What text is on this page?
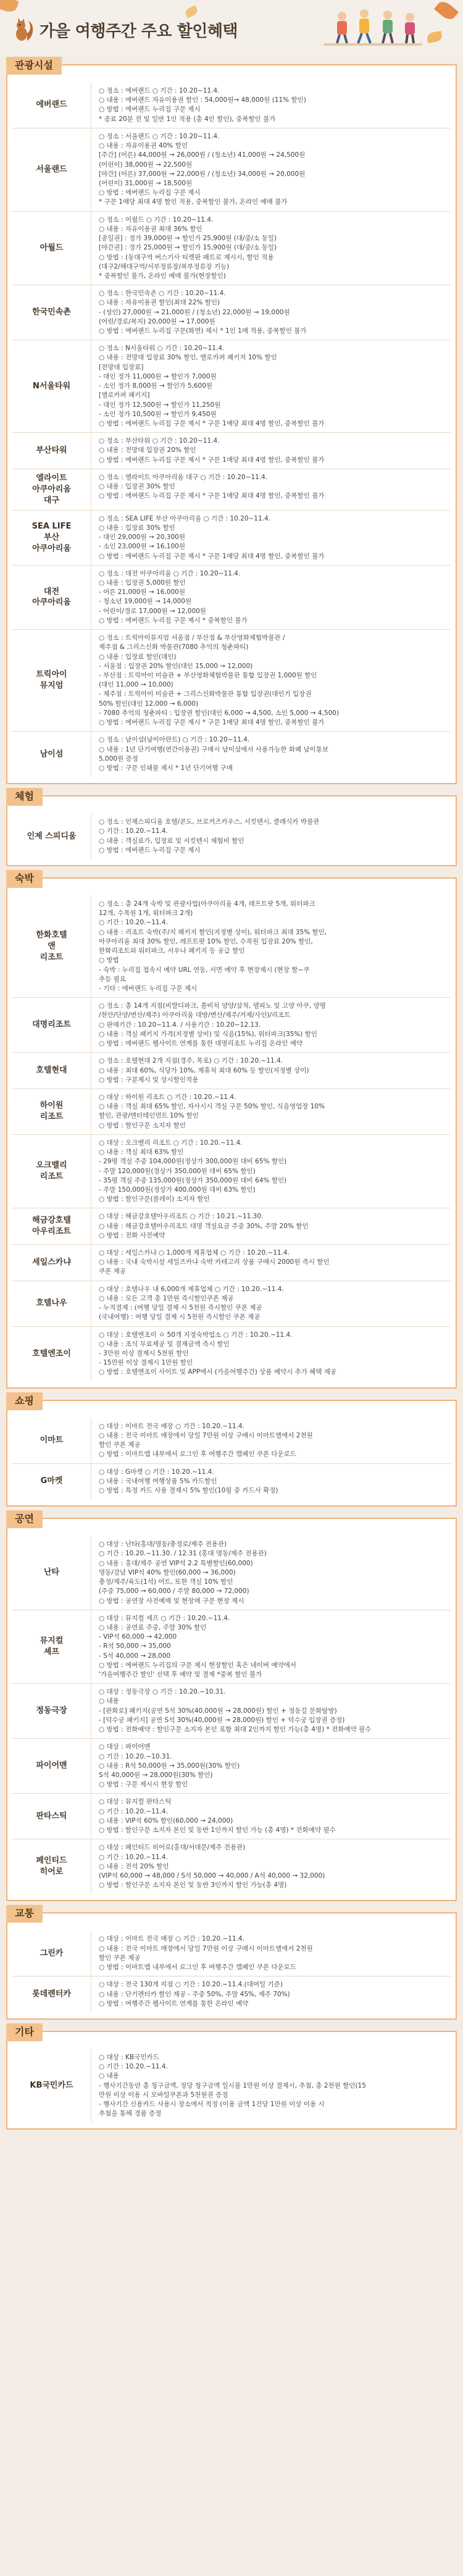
가을 여행주간 주요 할인혜택
관광시설
에버랜드
○ 정소 : 에버랜드 ○ 기간 : 10.20~11.4.
○ 내용 : 에버랜드 자유이용권 할인 : 54,000원→ 48,000원 (11% 할인)
○ 방법 : 에버랜드 누리집 구문 제시
* 종료 20분 전 및 일반 1인 적용 (총 4인 할인), 중복할인 불가
서울랜드
○ 정소 : 서울랜드 ○ 기간 : 10.20~11.4.
○ 내용 : 자유이용권 40% 할인
[주간] (어른) 44,000원 → 26,000원 / (청소년) 41,000원 → 24,500원
(어린이) 38,000원 → 22,500원
[야간] (어른) 37,000원 → 22,000원 / (청소년) 34,000원 → 20,000원
(어린이) 31,000원 → 18,500원
○ 방법 : 에버랜드 누리집 구문 제시
* 구문 1매당 최대 4명 할인 적용, 중복할인 불가, 온라인 예매 불가
아월드
○ 정소 : 이월드 ○ 기간 : 10.20~11.4.
○ 내용 : 자유이용권 최대 36% 할인
[종일권] : 정가 39,000원 → 할인가 25,900원 (대/중/소 동일)
[야간권] : 정가 25,000원 → 할인가 15,900원 (대/중/소 동일)
○ 방법 : (동대구역 버스기사 티켓판 패트로 제시시, 할인 적용
(대구2/해대구역/서부정류장/북부정류장 기능)
* 중복할인 불가, 온라인 예매 불가(현장할인)
한국민속촌
○ 정소 : 한국민속촌 ○ 기간 : 10.20~11.4.
○ 내용 : 자유이용권 할인(최대 22% 할인)
- (성인) 27,000원 → 21,000원 / (청소년) 22,000원 → 19,000원
(어린/경로/복지) 20,000원 → 17,000원
○ 방법 : 에버랜드 누리집 구문(화면) 제시 * 1인 1매 적용, 중복할인 불가
N서울타워
○ 정소 : N서울타워 ○ 기간 : 10.20~11.4.
○ 내용 : 전망대 입장료 30% 할인, 엘로카퍼 패키지 10% 할인
[전망대 입장료]
- 대인 정가 11,000원 → 할인가 7,000원
- 소인 정가 8,000원 → 할인가 5,600원
[엘로카퍼 패키지]
- 대인 정가 12,500원 → 할인가 11,250원
- 소인 정가 10,500원 → 할인가 9,450원
○ 방법 : 에버랜드 누리집 구문 제시 * 구문 1매당 최대 4명 할인, 중복할인 불가
부산타워
○ 정소 : 부산타워 ○ 기간 : 10.20~11.4.
○ 내용 : 전망대 입장권 20% 할인
○ 방법 : 에버랜드 누리집 구문 제시 * 구문 1매당 최대 4명 할인, 중복할인 불가
엘라이트
아쿠아리움
대구
○ 정소 : 엘라이트 아쿠아리움 대구 ○ 기간 : 10.20~11.4.
○ 내용 : 입장권 30% 할인
○ 방법 : 에버랜드 누리집 구문 제시 * 구문 1매당 최대 4명 할인, 중복할인 불가
SEA LIFE
부산
아쿠아리움
○ 정소 : SEA LIFE 부산 아쿠아리움 ○ 기간 : 10.20~11.4.
○ 내용 : 입장료 30% 할인
- 대인 29,000원 → 20,300원
- 소인 23,000원 → 16,100원
○ 방법 : 에버랜드 누리집 구문 제시 * 구문 1매당 최대 4명 할인, 중복할인 불가
대전
아쿠아리움
○ 정소 : 대전 아쿠아리움 ○ 기간 : 10.20~11.4.
○ 내용 : 입장권 5,000원 할인
- 어른 21,000원 → 16,000원
- 청소년 19,000원 → 14,000원
- 어린이/경로 17,000원 → 12,000원
○ 방법 : 에버랜드 누리집 구문 제시 * 중복할인 불가
트릭아이
뮤지엄
○ 정소 : 트릭아이뮤지엄 서울점 / 부산점 & 부산영화체험박물관 /
제주점 & 그리스신화 박물관(7080 추억의 청춘파티)
○ 내용 : 입장료 할인(대인)
- 서울점 : 입장권 20% 할인(대인 15,000 → 12,000)
- 부산점 : 트릭아이 미술관 + 부산영화체험박물관 통합 입장권 1,000원 할인
(대인 11,000 → 10,000)
- 제주점 : 트릭아이 미술관 + 그리스신화박물관 통합 입장권(대인기 입장권
50% 할인(대인 12,000 → 6,000)
- 7080 추억의 청춘파티 : 입장권 할인(대인 6,000 → 4,500, 소인 5,000 → 4,500)
○ 방법 : 에버랜드 누리집 구문 제시 * 구문 1매당 최대 4명 할인, 중복할인 불가
남이섬
○ 정소 : 남이섬(남이아란트) ○ 기간 : 10.20~11.4.
○ 내용 : 1년 단기여행(연간이용권) 구매시 남이섬에서 사용가능한 화폐 남이통보
5,000원 증정
○ 방법 : 구문 인쇄물 제시 * 1년 단기여행 구매
체험
인제 스피디움
○ 정소 : 인제스피디움 호텔/콘도, 브로커즈카우스, 서킷텐시, 클래식카 박물관
○ 기간 : 10.20.~11.4.
○ 내용 : 객실료가, 입장료 및 서킷텐시 체험비 할인
○ 방법 : 에버랜드 누리집 구문 제시
숙박
한화호텔
앤
리조트
○ 정소 : 총 24개 숙박 및 관광사업(아쿠아리움 4개, 래프트팟 5개, 워터파크
12개, 수목원 1개, 워터파크 2개)
○ 기간 : 10.20.~11.4.
○ 내용 : 리조트 숙박(주/지 패키지 할인(지정별 상이), 워터파크 최대 35% 할인,
아쿠아리움 최대 30% 할인, 레프트팟 10% 할인, 수목원 입장료 20% 할인,
한화리조트와 워터파크, 서우나 패키지 등 공급 할인
○ 방법
- 숙박 : 누리집 접속시 예약 URL 연동, 서면 예약 후 현장제시 (현장 할~쿠
추등 필요
- 기타 : 에버랜드 누리집 구문 제시
대명리조트
○ 정소 : 총 14개 지점(비발디파크, 쏠비치 양양/삼척, 델피노 및 고양 아쿠, 양평
/천안/단양/변산/제주) 아쿠아리움 대방/변산/제주/거제/사인)/리조트
○ 판매기간 : 10.20~11.4. / 사용기간 : 10.20~12.13.
○ 내용 : 객실 패키지 가격(지정별 상이) 및 식음(15%), 워터파크(35%) 할인
○ 방법 : 에버랜드 웹사이트 연계를 통한 대명리조트 누리집 온라인 예약
호텔현대
○ 정소 : 호텔현대 2개 지점(경주, 목포) ○ 기간 : 10.20.~11.4.
○ 내용 : 최대 60%, 식당가 10%, 제휴처 최대 60% 등 할인(지정별 상이)
○ 방법 : 구분제시 및 상시할인적용
하이원
리조트
○ 대상 : 하이원 리조트 ○ 기간 : 10.20.~11.4.
○ 내용 : 객실 최대 65% 할인, 자사시시 객실 구문 50% 할인, 식음영업장 10%
할인, 관광/엔터테인먼트 10% 할인
○ 방법 : 할인구문 소지자 할인
오크밸리
리조트
○ 대상 : 오크밸리 리조트 ○ 기간 : 10.20.~11.4.
○ 내용 : 객실 최대 63% 할인
- 29평 객실 주중 104,000원(정상가 300,000원 대비 65% 할인)
- 주말 120,000원(정상가 350,000원 대비 65% 할인)
- 35평 객실 주중 135,000원(정상가 350,000원 대비 64% 할인)
- 주말 150,000원(정상가 400,000원 대비 63% 할인)
○ 방법 : 할인구문(플레이) 소지자 할인
해금강호텔
아우리조트
○ 대상 : 해금강호텔아우리조트 ○ 기간 : 10.21.~11.30.
○ 내용 : 해금강호텔아우리조트 대명 객실요금 주중 30%, 주말 20% 할인
○ 방법 : 전화 사전예약
세일스카냐
○ 대상 : 세일스카냐 ○ 1,000개 제휴업체 ○ 기간 : 10.20.~11.4.
○ 내용 : 국내 숙박시설 세일즈카냐 숙박 카테고리 상품 구매시 2000원 즉시 할인
쿠폰 제공
호텔나우
○ 대상 : 호텔나우 내 6,000개 제휴업체 ○ 기간 : 10.20.~11.4.
○ 내용 : 모든 고객 총 1만원 즉시할인쿠폰 제공
- 누적결제 : (여행 당일 결제 시 5천원 즉시할인 쿠폰 제공
(국내여행) : 여행 당일 결제 시 5천원 즉시할인 쿠폰 제공
호텔엔조이
○ 대상 : 호텔엔조이 ㅇ 50개 지정숙박업소 ○ 기간 : 10.20.~11.4.
○ 내용 : 조식 무료제공 및 결제금액 즉시 할인
- 3만원 이상 결제시 5천원 할인
- 15만원 이상 결제시 1만원 할인
○ 방법 : 호텔엔조이 사이트 및 APP에서 (가을여행주간) 상품 예약시 추가 혜택 제공
쇼핑
이마트
○ 대상 : 이마트 전국 매장 ○ 기간 : 10.20.~11.4.
○ 내용 : 전국 이마트 매장에서 당일 7만원 이상 구매시 이마트엘에서 2천원
할인 쿠폰 제공
○ 방법 : 이마트앱 내부에서 로그인 후 여행주간 캠페인 쿠폰 다운로드
G마켓
○ 대상 : G마켓 ○ 기간 : 10.20.~11.4.
○ 내용 : 국내여행 여행상품 5% 카드할인
○ 방법 : 특정 카드 사용 결제시 5% 할인(10월 중 카드사 확정)
공연
난타
○ 대상 : 난타(홍대/명동/충정로/제주 전용관)
○ 기간 : 10.20.~11.30. / 12.31 (홍대 명동/제주 전용관)
○ 내용 : 홍대/제주 공연 VIP석 2.2 특별할인(60,000)
명동/강남 VIP석 40% 할인(60,000 → 36,000)
충정/제주/육도(1석) 어트, 또한 객실 10% 할인
(주중 75,000 → 60,000 / 주말 80,000 → 72,000)
○ 방법 : 공연장 사전예매 및 현장매 구문 현장 제시
뮤지컬
셰프
○ 대상 : 뮤지컬 셰프 ○ 기간 : 10.20.~11.4.
○ 내용 : 공연료 주중, 주말 30% 할인
- VIP석 60,000 → 42,000
- R석 50,000 → 35,000
- S석 40,000 → 28,000
○ 방법 : 에버랜드 누리집의 구문 제시 현장할인 혹은 네이버 예약에서
'가을여행주간 할인' 선택 후 예약 및 결제 *중복 할인 불가
정동극장
○ 대상 : 정동극장 ○ 기간 : 10.20.~10.31.
○ 내용
- [판화로] 패키지(공연 S석 30%(40,000원 → 28,000원) 할인 + 정동길 문화탐방)
- [덕수궁 패키지] 공연 S석 30%(40,000원 → 28,000원) 할인 + 덕수궁 입장권 증정)
○ 방법 : 전화예약 : 할인구문 소지자 본인 포함 최대 2인까지 할인 가능(총 4명) * 전화예약 필수
파이어맨
○ 대상 : 파이어맨
○ 기간 : 10.20.~10.31.
○ 내용 : R석 50,000원 → 35,000원(30% 할인)
S석 40,000원 → 28,000원(30% 할인)
○ 방법 : 구문 제시시 현장 할인
판타스틱
○ 대상 : 뮤지컬 판타스틱
○ 기간 : 10.20.~11.4.
○ 내용 : VIP석 60% 할인(60,000 → 24,000)
○ 방법 : 할인구문 소지자 본인 및 동반 1인까지 할인 가능 (총 4명) * 전화예약 필수
페인티드
히어로
○ 대상 : 페인티드 히어로(홍대/서대문/제주 전용관)
○ 기간 : 10.20.~11.4.
○ 내용 : 전석 20% 할인
(VIP석 60,000 → 48,000 / S석 50,000 → 40,000 / A석 40,000 → 32,000)
○ 방법 : 할인구문 소지자 본인 및 동반 3인까지 할인 가능(총 4명)
교통
그린카
○ 대상 : 이마트 전국 매장 ○ 기간 : 10.20.~11.4.
○ 내용 : 전국 이마트 매장에서 당일 7만원 이상 구매시 이마트엘에서 2천원
할인 쿠폰 제공
○ 방법 : 이마트앱 내부에서 로그인 후 여행주간 캠페인 쿠폰 다운로드
롯데렌터카
○ 대상 : 전국 130개 지점 ○ 기간 : 10.20.~11.4.(대여일 기준)
○ 내용 : 단기렌터카 할인 제공 - 주중 50%, 주말 45%, 제주 70%)
○ 방법 : 여행주간 웹사이트 연계를 통한 온라인 예약
기타
KB국민카드
○ 대상 : KB국민카드
○ 기간 : 10.20.~11.4.
○ 내용
- 행사기간동안 총 청구금액, 정당 청구금액 일시불 1만원 이상 결제시, 추첨, 총 2천원 할인(15
만원 이상 이용 시 모바일쿠폰과 5천원권 증정
- 행사기간 신용카드 사용시 장소에서 적정 (이용 금액 1건당 1만원 이상 이용 시
추첨을 통해 경품 증정
